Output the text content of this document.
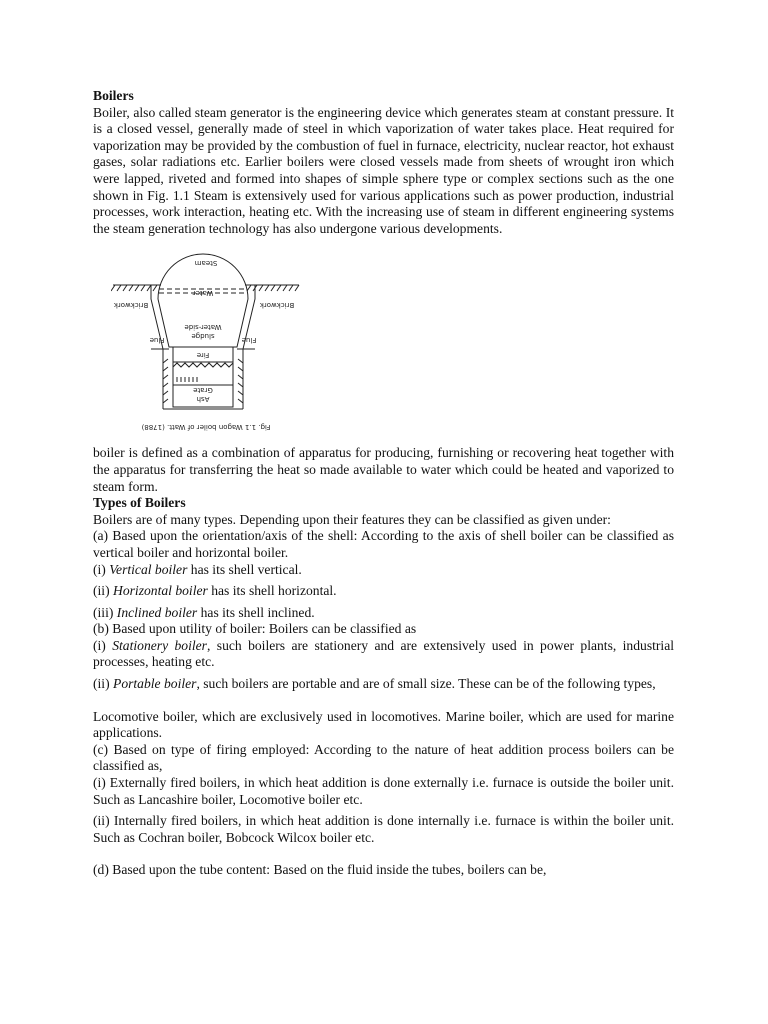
Boilers

Boiler, also called steam generator is the engineering device which generates steam at constant pressure. It is a closed vessel, generally made of steel in which vaporization of water takes place. Heat required for vaporization may be provided by the combustion of fuel in furnace, electricity, nuclear reactor, hot exhaust gases, solar radiations etc. Earlier boilers were closed vessels made from sheets of wrought iron which were lapped, riveted and formed into shapes of simple sphere type or complex sections such as the one shown in Fig. 1.1 Steam is extensively used for various applications such as power production, industrial processes, work interaction, heating etc. With the increasing use of steam in different engineering systems the steam generation technology has also undergone various developments.

Steam
Water
Brickwork	Brickwork
Flue	Flue
Water-side
sludge
Fire
Grate
Ash
Fig. 1.1 Wagon boiler of Watt. (1788)

boiler is defined as a combination of apparatus for producing, furnishing or recovering heat together with the apparatus for transferring the heat so made available to water which could be heated and vaporized to steam form.

Types of Boilers

Boilers are of many types. Depending upon their features they can be classified as given under:

(a) Based upon the orientation/axis of the shell: According to the axis of shell boiler can be classified as vertical boiler and horizontal boiler.

(i) Vertical boiler has its shell vertical.

(ii) Horizontal boiler has its shell horizontal.

(iii) Inclined boiler has its shell inclined.

(b) Based upon utility of boiler: Boilers can be classified as

(i) Stationery boiler, such boilers are stationery and are extensively used in power plants, industrial processes, heating etc.

(ii) Portable boiler, such boilers are portable and are of small size. These can be of the following types,

Locomotive boiler, which are exclusively used in locomotives. Marine boiler, which are used for marine applications.

(c) Based on type of firing employed: According to the nature of heat addition process boilers can be classified as,

(i) Externally fired boilers, in which heat addition is done externally i.e. furnace is outside the boiler unit. Such as Lancashire boiler, Locomotive boiler etc.

(ii) Internally fired boilers, in which heat addition is done internally i.e. furnace is within the boiler unit. Such as Cochran boiler, Bobcock Wilcox boiler etc.

(d) Based upon the tube content: Based on the fluid inside the tubes, boilers can be,
